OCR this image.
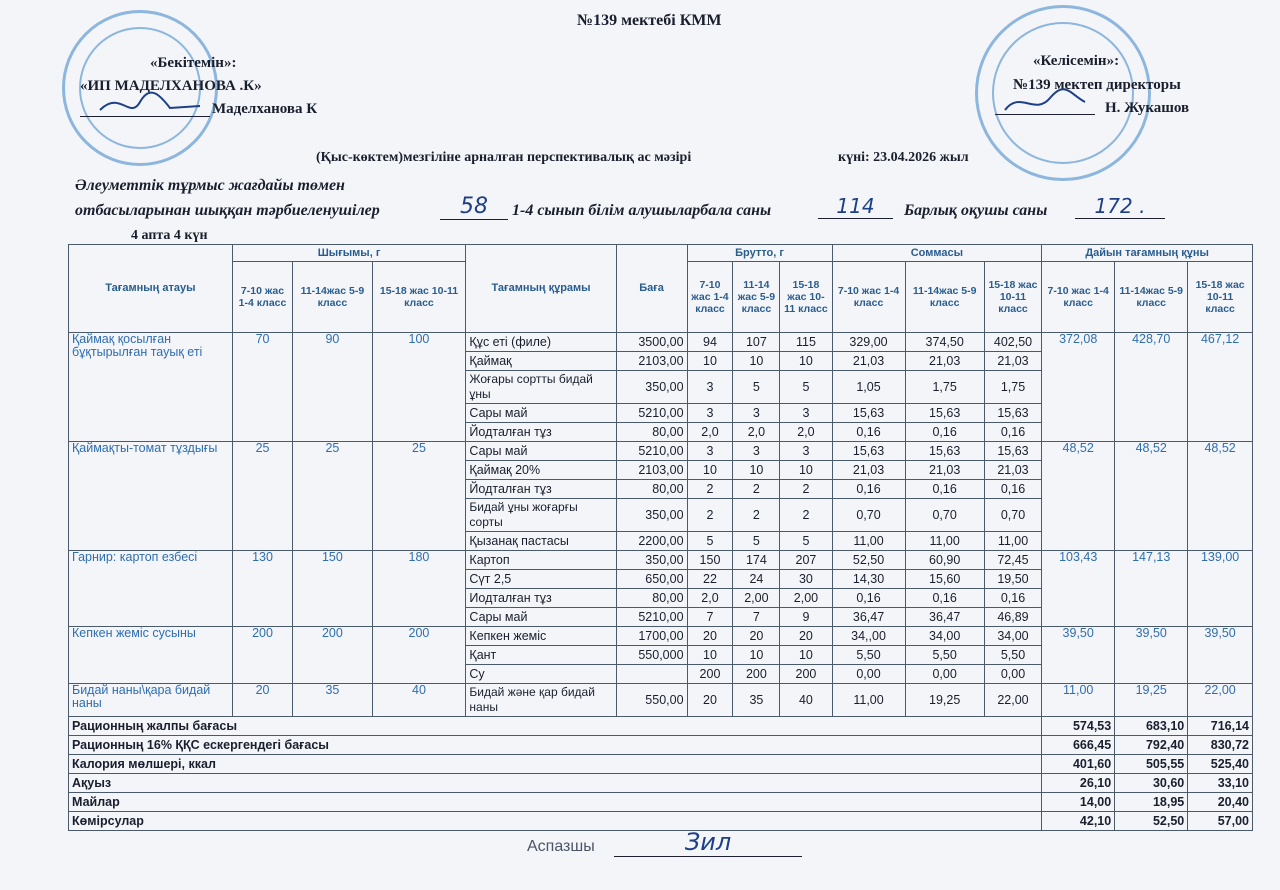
№139 мектебі КММ
«Бекітемін»:
«ИП МАДЕЛХАНОВА .К»
Маделханова К
«Келісемін»:
№139 мектеп директоры
Н. Жукашов
(Қыс-көктем)мезгіліне арналған перспективалық ас мәзірі	күні: 23.04.2026 жыл
Әлеуметтік тұрмыс жағдайы төмен
отбасыларынан шыққан тәрбиеленушілер	58	1-4 сынып білім алушыларбала саны	114	Барлық оқушы саны	172 .
4 апта 4 күн
Тағамның атауы	Шығымы, г			Тағамның құрамы	Баға	Брутто, г			Соммасы			Дайын тағамның құны		
	7-10 жас 1-4 класс	11-14жас 5-9 класс	15-18 жас 10-11 класс			7-10 жас 1-4 класс	11-14 жас 5-9 класс	15-18 жас 10-11 класс	7-10 жас 1-4 класс	11-14жас 5-9 класс	15-18 жас 10-11 класс	7-10 жас 1-4 класс	11-14жас 5-9 класс	15-18 жас 10-11 класс
Қаймақ қосылған бұқтырылған тауық еті	70	90	100	Құс еті (филе)	3500,00	94	107	115	329,00	374,50	402,50	372,08	428,70	467,12
				Қаймақ	2103,00	10	10	10	21,03	21,03	21,03			
				Жоғары сортты бидай ұны	350,00	3	5	5	1,05	1,75	1,75			
				Сары май	5210,00	3	3	3	15,63	15,63	15,63			
				Йодталған тұз	80,00	2,0	2,0	2,0	0,16	0,16	0,16			
Қаймақты-томат тұздығы	25	25	25	Сары май	5210,00	3	3	3	15,63	15,63	15,63	48,52	48,52	48,52
				Қаймақ 20%	2103,00	10	10	10	21,03	21,03	21,03			
				Йодталған тұз	80,00	2	2	2	0,16	0,16	0,16			
				Бидай ұны жоғарғы сорты	350,00	2	2	2	0,70	0,70	0,70			
				Қызанақ пастасы	2200,00	5	5	5	11,00	11,00	11,00			
Гарнир: картоп езбесі	130	150	180	Картоп	350,00	150	174	207	52,50	60,90	72,45	103,43	147,13	139,00
				Сүт 2,5	650,00	22	24	30	14,30	15,60	19,50			
				Иодталған тұз	80,00	2,0	2,00	2,00	0,16	0,16	0,16			
				Сары май	5210,00	7	7	9	36,47	36,47	46,89			
Кепкен жеміс сусыны	200	200	200	Кепкен жеміс	1700,00	20	20	20	34,,00	34,00	34,00	39,50	39,50	39,50
				Қант	550,000	10	10	10	5,50	5,50	5,50			
				Су		200	200	200	0,00	0,00	0,00			
Бидай наны\қара бидай наны	20	35	40	Бидай және қар бидай наны	550,00	20	35	40	11,00	19,25	22,00	11,00	19,25	22,00
Рационның жалпы бағасы												574,53	683,10	716,14
Рационның 16% ҚҚС ескергендегі бағасы												666,45	792,40	830,72
Калория мөлшері, ккал												401,60	505,55	525,40
Ақуыз												26,10	30,60	33,10
Майлар												14,00	18,95	20,40
Көмірсулар												42,10	52,50	57,00
Аспазшы	Зил
